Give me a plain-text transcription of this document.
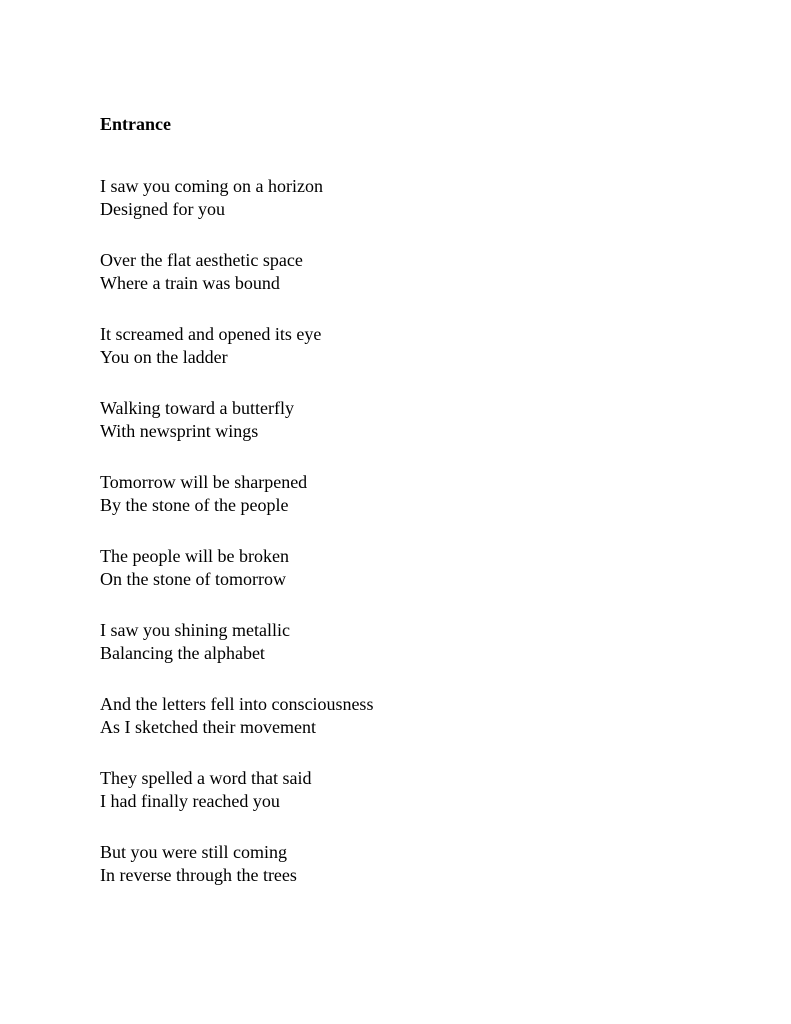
Entrance
I saw you coming on a horizon
Designed for you
Over the flat aesthetic space
Where a train was bound
It screamed and opened its eye
You on the ladder
Walking toward a butterfly
With newsprint wings
Tomorrow will be sharpened
By the stone of the people
The people will be broken
On the stone of tomorrow
I saw you shining metallic
Balancing the alphabet
And the letters fell into consciousness
As I sketched their movement
They spelled a word that said
I had finally reached you
But you were still coming
In reverse through the trees
